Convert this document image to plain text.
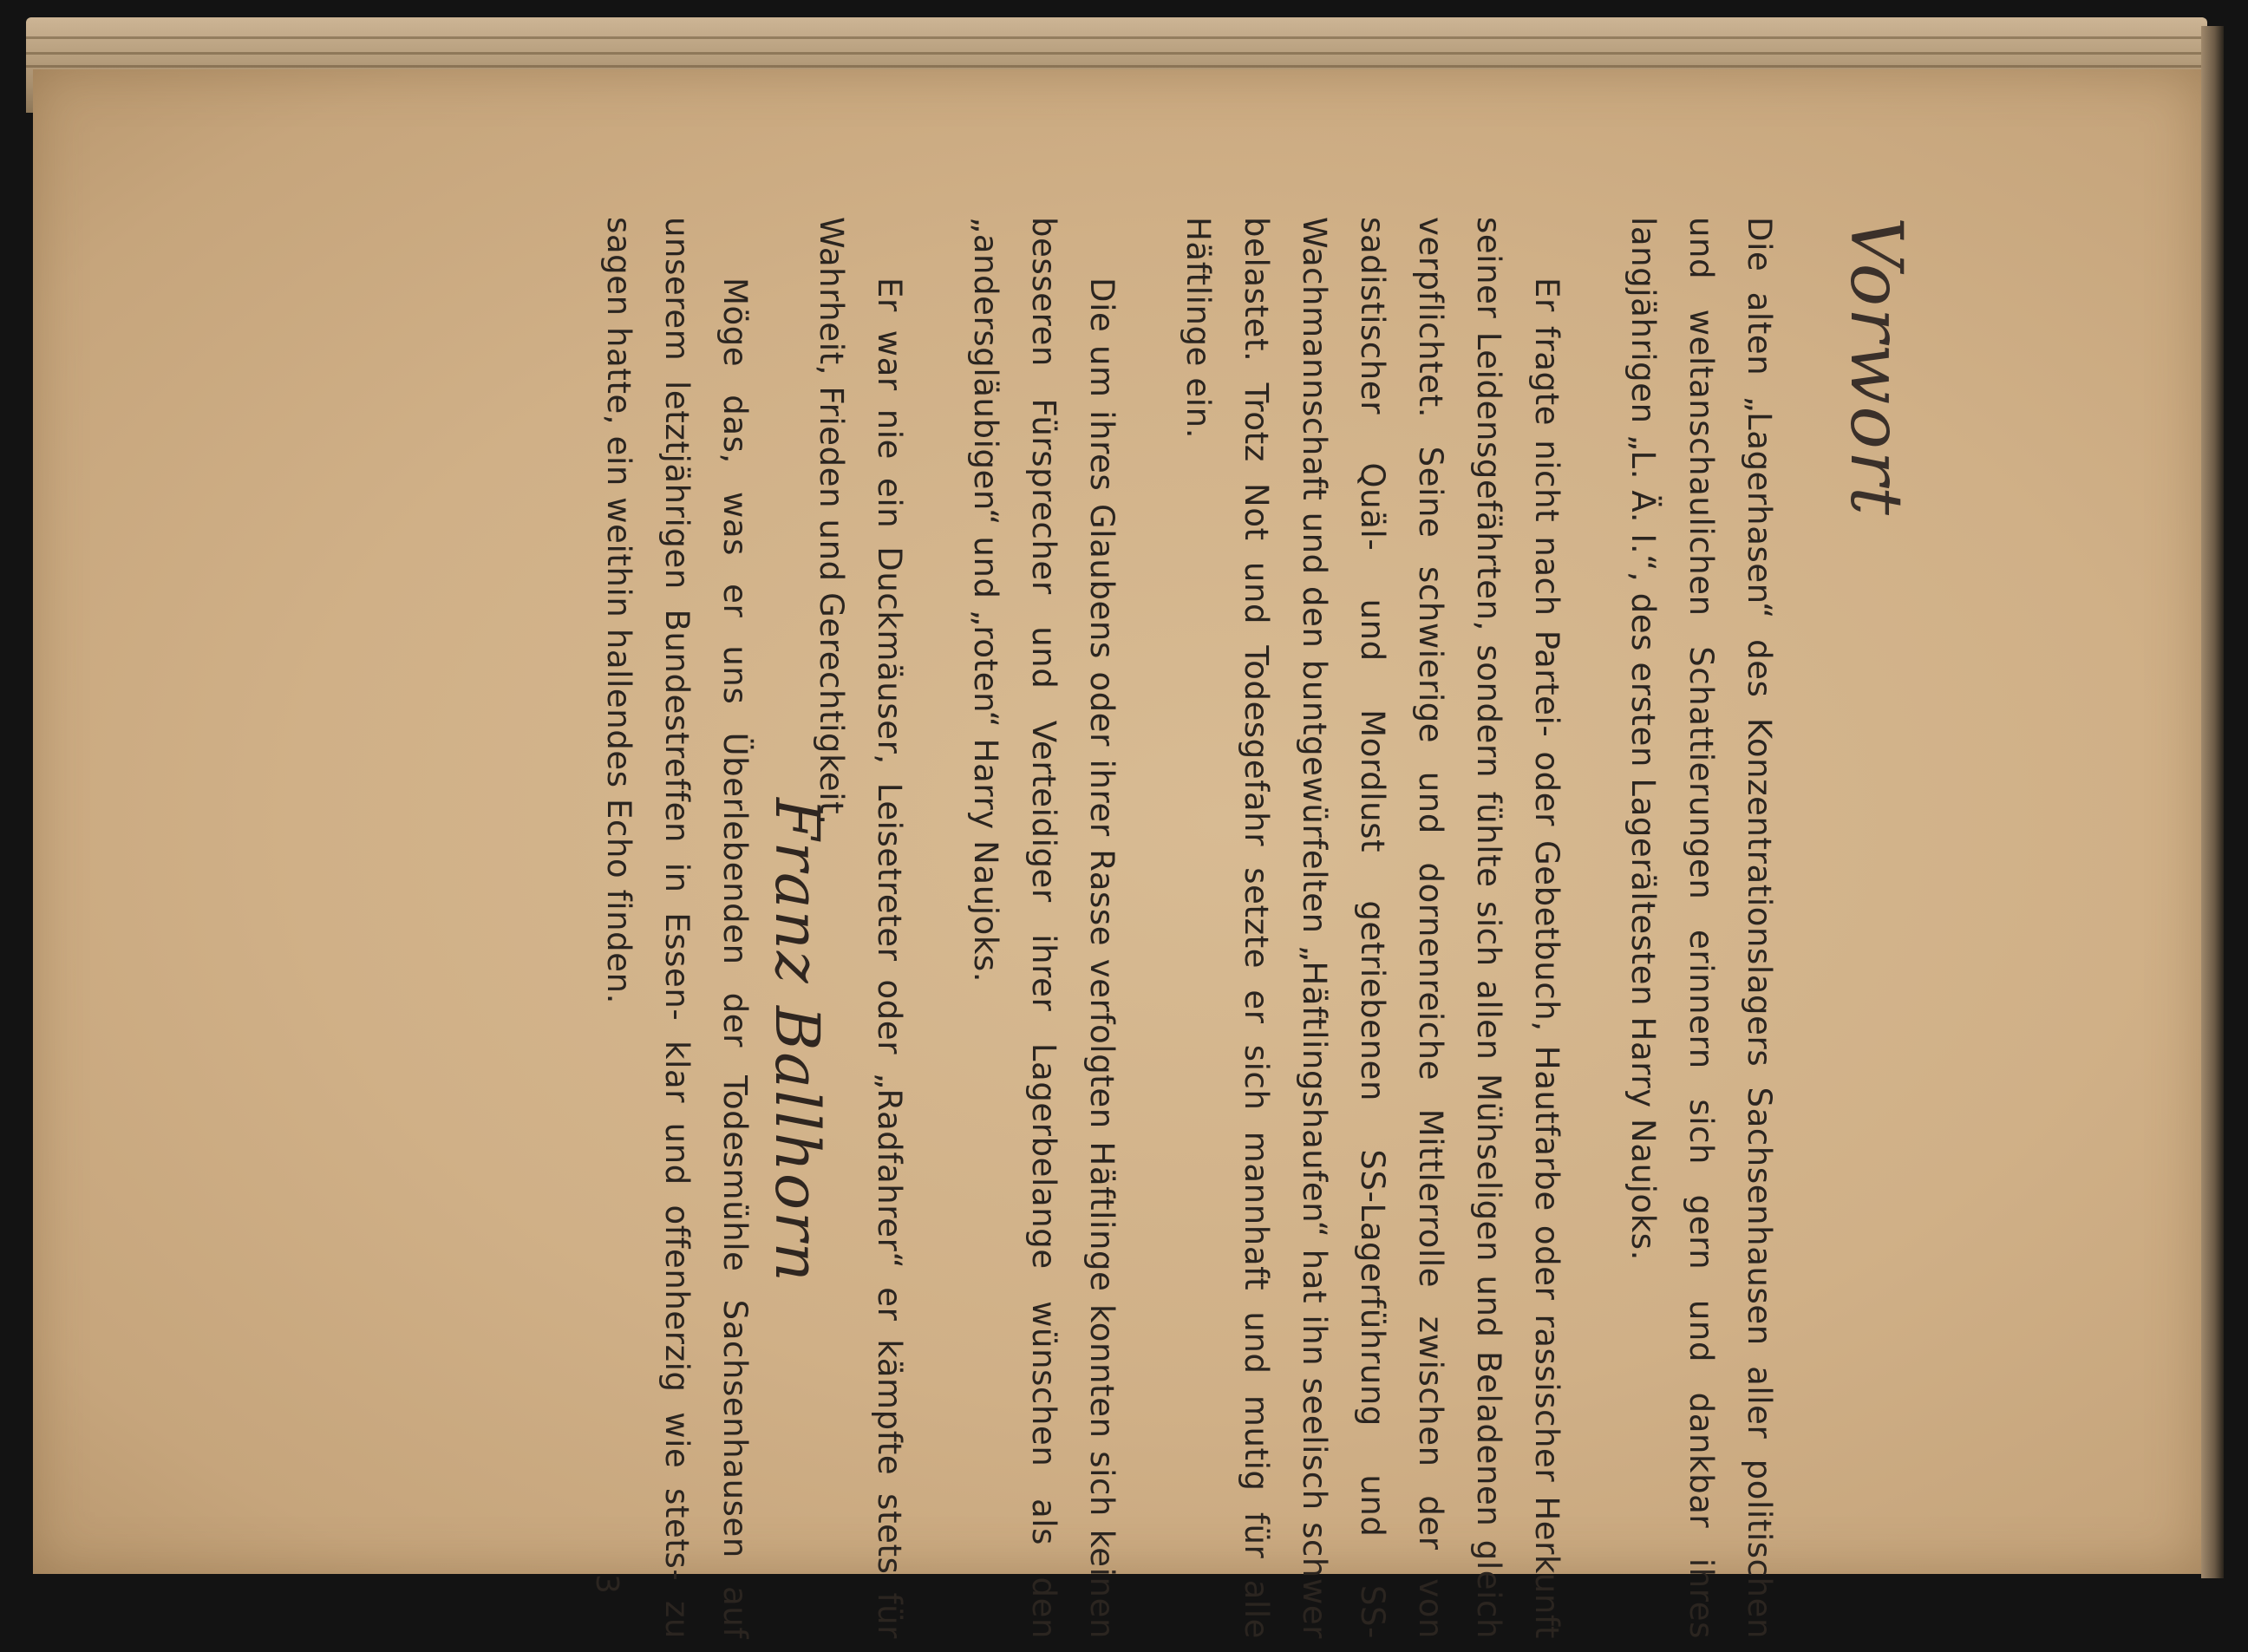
Vorwort

Die alten „Lagerhasen“ des Konzentrationslagers Sachsenhausen aller politischen und weltanschaulichen Schattierungen erinnern sich gern und dankbar ihres langjährigen „L. Ä. I.“, des ersten Lagerältesten Harry Naujoks.

Er fragte nicht nach Partei- oder Gebetbuch, Hautfarbe oder rassischer Herkunft seiner Leidensgefährten, sondern fühlte sich allen Mühseligen und Beladenen gleich verpflichtet. Seine schwierige und dornenreiche Mittlerrolle zwischen der von sadistischer Quäl- und Mordlust getriebenen SS-Lagerführung und SS-Wachmannschaft und den buntgewürfelten „Häftlingshaufen“ hat ihn seelisch schwer belastet. Trotz Not und Todesgefahr setzte er sich mannhaft und mutig für alle Häftlinge ein.

Die um ihres Glaubens oder ihrer Rasse verfolgten Häftlinge konnten sich keinen besseren Fürsprecher und Verteidiger ihrer Lagerbelange wünschen als den „andersgläubigen“ und „roten“ Harry Naujoks.

Er war nie ein Duckmäuser, Leisetreter oder „Radfahrer“ er kämpfte stets für Wahrheit, Frieden und Gerechtigkeit.

Möge das, was er uns Überlebenden der Todesmühle Sachsenhausen auf unserem letztjährigen Bundestreffen in Essen- klar und offenherzig wie stets- zu sagen hatte, ein weithin hallendes Echo finden.

Franz Ballhorn
3
